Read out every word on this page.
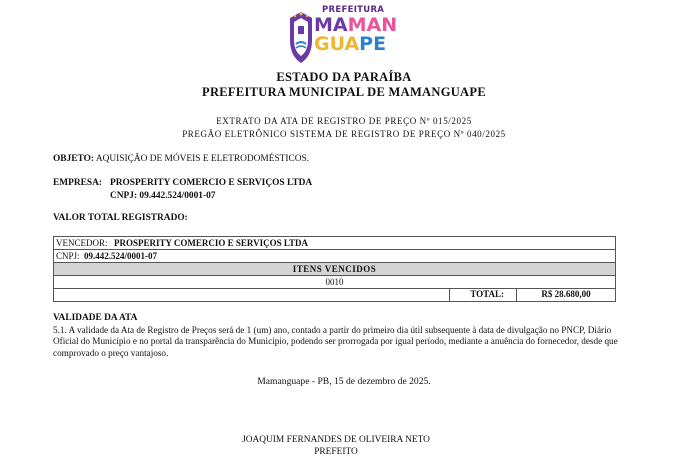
PREFEITURA
MAMAN
GUAPE
ESTADO DA PARAÍBA
PREFEITURA MUNICIPAL DE MAMANGUAPE
EXTRATO DA ATA DE REGISTRO DE PREÇO Nº 015/2025
PREGÃO ELETRÔNICO SISTEMA DE REGISTRO DE PREÇO Nº 040/2025
OBJETO: AQUISIÇÃO DE MÓVEIS E ELETRODOMÉSTICOS.
EMPRESA: PROSPERITY COMERCIO E SERVIÇOS LTDA
CNPJ: 09.442.524/0001-07
VALOR TOTAL REGISTRADO:
VENCEDOR: PROSPERITY COMERCIO E SERVIÇOS LTDA
CNPJ: 09.442.524/0001-07
ITENS VENCIDOS
0010
TOTAL:	R$ 28.680,00
VALIDADE DA ATA
5.1. A validade da Ata de Registro de Preços será de 1 (um) ano, contado a partir do primeiro dia útil subsequente à data de divulgação no PNCP, Diário Oficial do Município e no portal da transparência do Município, podendo ser prorrogada por igual período, mediante a anuência do fornecedor, desde que comprovado o preço vantajoso.
Mamanguape - PB, 15 de dezembro de 2025.
JOAQUIM FERNANDES DE OLIVEIRA NETO
PREFEITO
